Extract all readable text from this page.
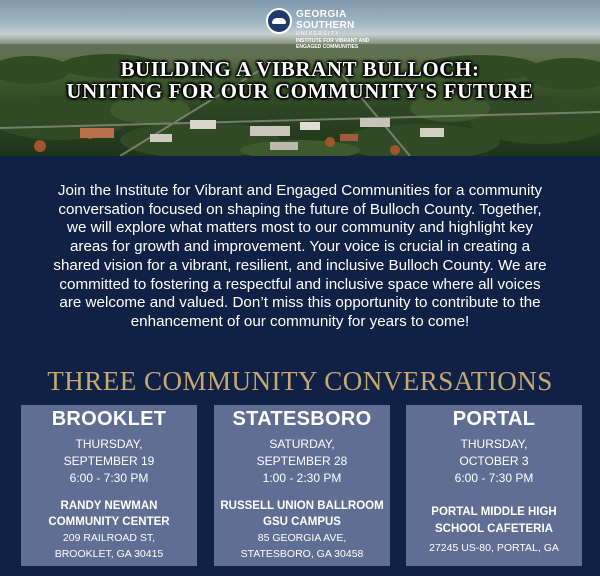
GEORGIA
SOUTHERN
UNIVERSITY
INSTITUTE FOR VIBRANT AND
ENGAGED COMMUNITIES
BUILDING A VIBRANT BULLOCH:
UNITING FOR OUR COMMUNITY'S FUTURE
Join the Institute for Vibrant and Engaged Communities for a community
conversation focused on shaping the future of Bulloch County. Together,
we will explore what matters most to our community and highlight key
areas for growth and improvement. Your voice is crucial in creating a
shared vision for a vibrant, resilient, and inclusive Bulloch County. We are
committed to fostering a respectful and inclusive space where all voices
are welcome and valued. Don’t miss this opportunity to contribute to the
enhancement of our community for years to come!
THREE COMMUNITY CONVERSATIONS
BROOKLET
THURSDAY,
SEPTEMBER 19
6:00 - 7:30 PM
RANDY NEWMAN
COMMUNITY CENTER
209 RAILROAD ST,
BROOKLET, GA 30415
STATESBORO
SATURDAY,
SEPTEMBER 28
1:00 - 2:30 PM
RUSSELL UNION BALLROOM
GSU CAMPUS
85 GEORGIA AVE,
STATESBORO, GA 30458
PORTAL
THURSDAY,
OCTOBER 3
6:00 - 7:30 PM
PORTAL MIDDLE HIGH
SCHOOL CAFETERIA
27245 US-80, PORTAL, GA
